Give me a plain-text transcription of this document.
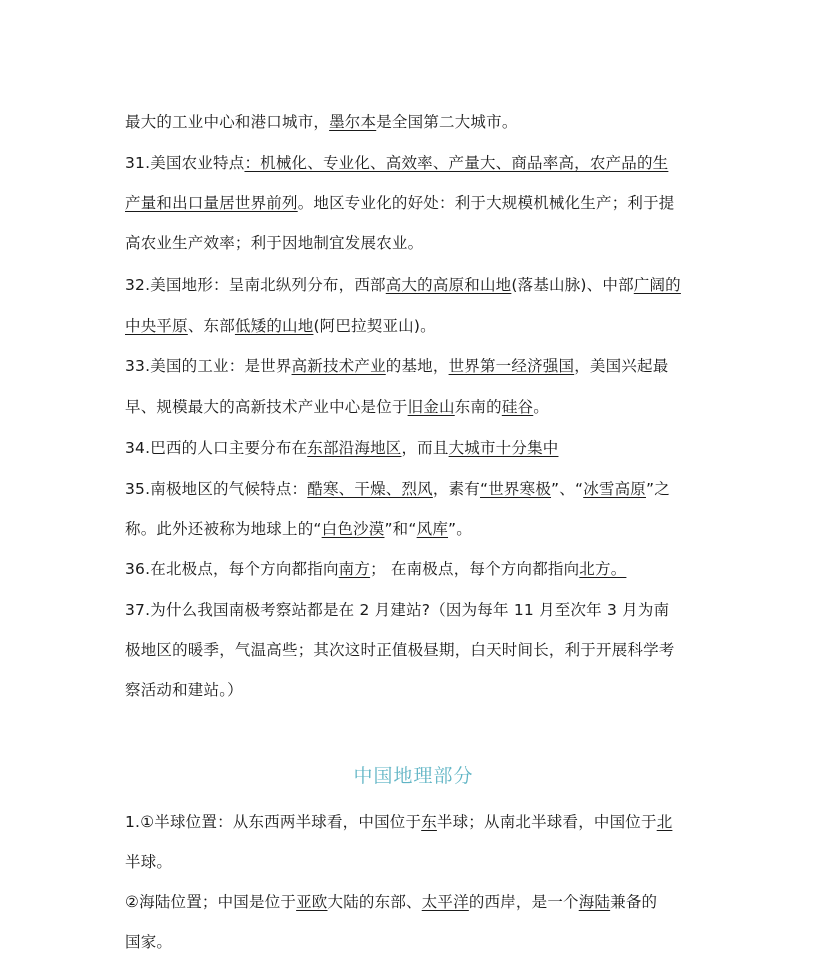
最大的工业中心和港口城市，墨尔本是全国第二大城市。
31.美国农业特点：机械化、专业化、高效率、产量大、商品率高，农产品的生
产量和出口量居世界前列。地区专业化的好处：利于大规模机械化生产；利于提
高农业生产效率；利于因地制宜发展农业。
32.美国地形：呈南北纵列分布，西部高大的高原和山地(落基山脉)、中部广阔的
中央平原、东部低矮的山地(阿巴拉契亚山)。
33.美国的工业：是世界高新技术产业的基地，世界第一经济强国，美国兴起最
早、规模最大的高新技术产业中心是位于旧金山东南的硅谷。
34.巴西的人口主要分布在东部沿海地区，而且大城市十分集中
35.南极地区的气候特点：酷寒、干燥、烈风，素有“世界寒极”、“冰雪高原”之
称。此外还被称为地球上的“白色沙漠”和“风库”。
36.在北极点，每个方向都指向南方； 在南极点，每个方向都指向北方。
37.为什么我国南极考察站都是在 2 月建站?（因为每年 11 月至次年 3 月为南
极地区的暖季，气温高些；其次这时正值极昼期，白天时间长，利于开展科学考
察活动和建站。）
中国地理部分
1.①半球位置：从东西两半球看，中国位于东半球；从南北半球看，中国位于北
半球。
②海陆位置；中国是位于亚欧大陆的东部、太平洋的西岸，是一个海陆兼备的
国家。
